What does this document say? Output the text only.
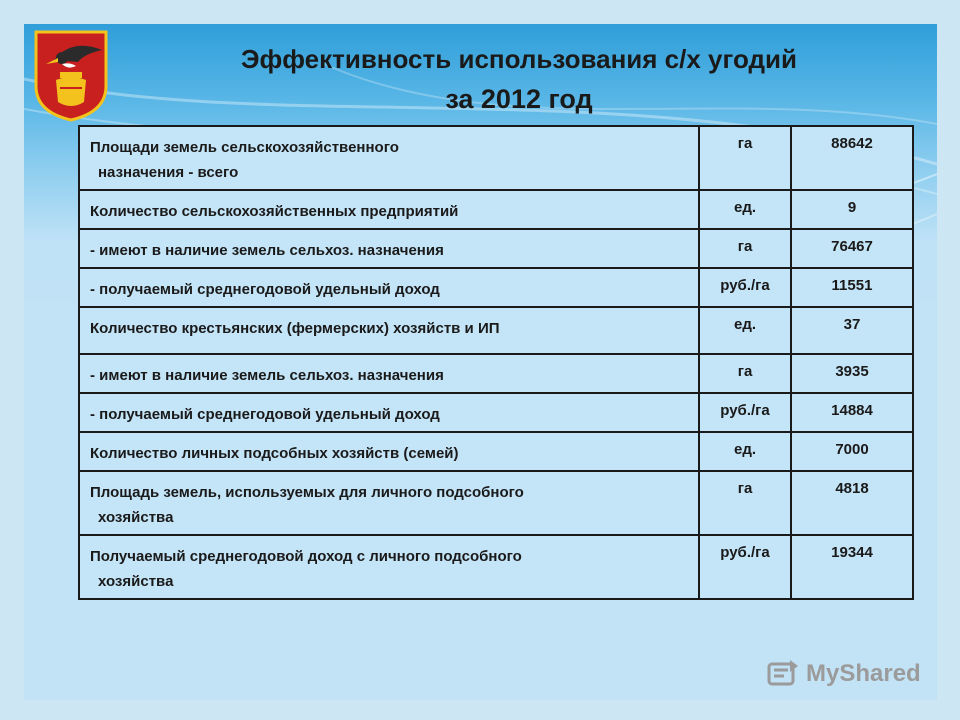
Эффективность использования с/х угодий
за 2012 год
Площади земель сельскохозяйственного
назначения - всего	га	88642

Количество сельскохозяйственных предприятий	ед.	9

- имеют в наличие земель сельхоз. назначения	га	76467

- получаемый среднегодовой удельный доход	руб./га	11551

Количество крестьянских (фермерских) хозяйств и ИП	ед.	37

- имеют в наличие земель сельхоз. назначения	га	3935

- получаемый среднегодовой удельный доход	руб./га	14884

Количество личных подсобных хозяйств (семей)	ед.	7000

Площадь земель, используемых для личного подсобного
хозяйства	га	4818

Получаемый среднегодовой доход с личного подсобного
хозяйства	руб./га	19344
MyShared
